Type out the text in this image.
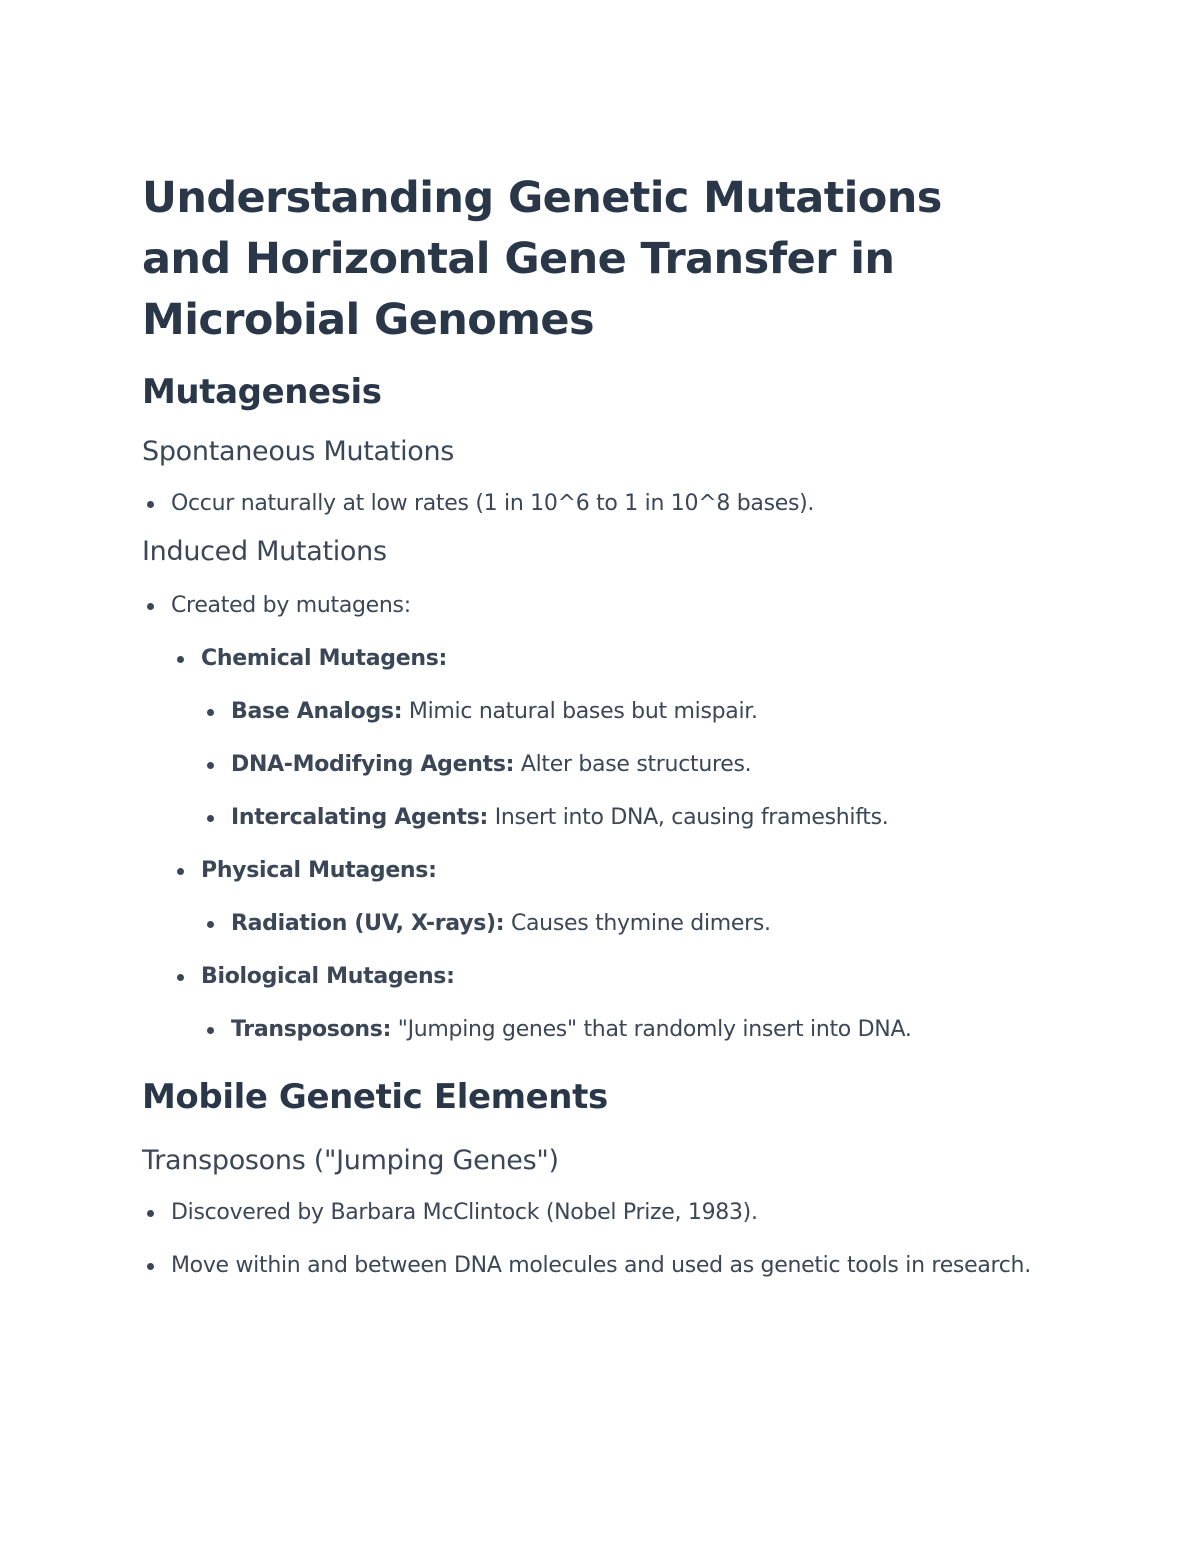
Understanding Genetic Mutations and Horizontal Gene Transfer in Microbial Genomes
Mutagenesis
Spontaneous Mutations
Occur naturally at low rates (1 in 10^6 to 1 in 10^8 bases).
Induced Mutations
Created by mutagens:
Chemical Mutagens:
Base Analogs: Mimic natural bases but mispair.
DNA-Modifying Agents: Alter base structures.
Intercalating Agents: Insert into DNA, causing frameshifts.
Physical Mutagens:
Radiation (UV, X-rays): Causes thymine dimers.
Biological Mutagens:
Transposons: "Jumping genes" that randomly insert into DNA.
Mobile Genetic Elements
Transposons ("Jumping Genes")
Discovered by Barbara McClintock (Nobel Prize, 1983).
Move within and between DNA molecules and used as genetic tools in research.
